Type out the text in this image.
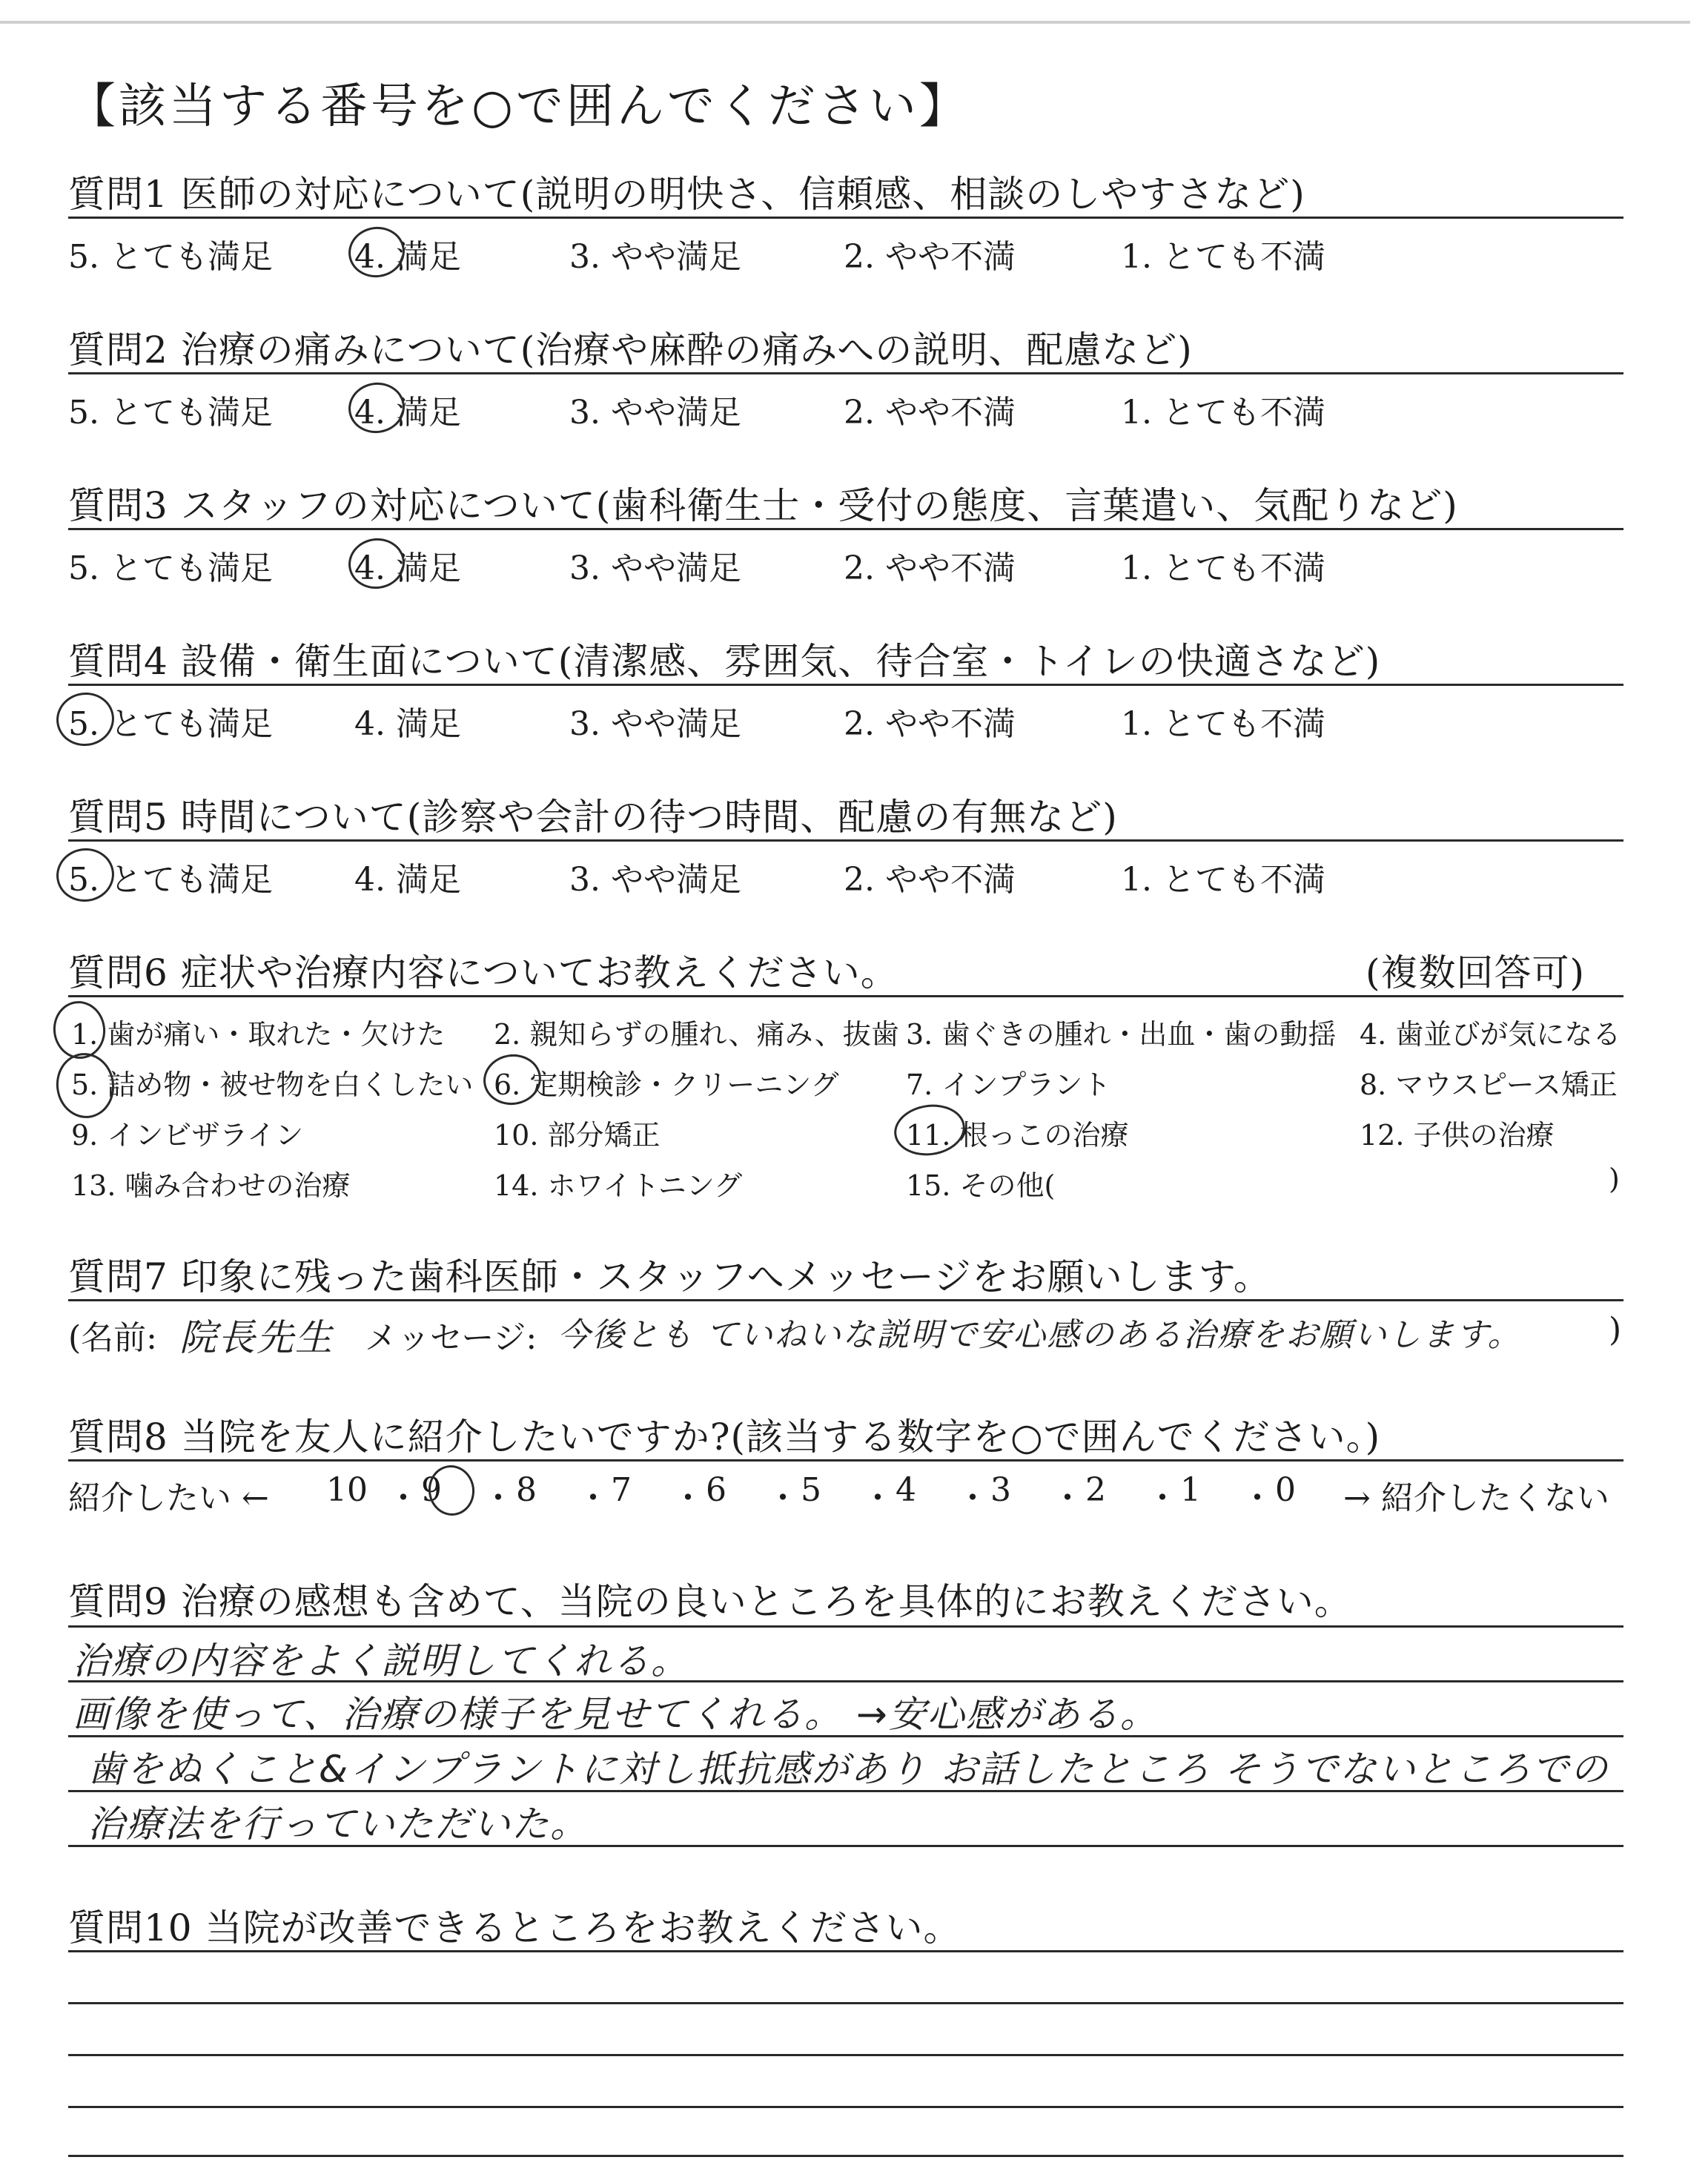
【該当する番号を○で囲んでください】
質問1 医師の対応について(説明の明快さ、信頼感、相談のしやすさなど)
5. とても満足	4. 満足	3. やや満足	2. やや不満	1. とても不満
質問2 治療の痛みについて(治療や麻酔の痛みへの説明、配慮など)
5. とても満足	4. 満足	3. やや満足	2. やや不満	1. とても不満
質問3 スタッフの対応について(歯科衛生士・受付の態度、言葉遣い、気配りなど)
5. とても満足	4. 満足	3. やや満足	2. やや不満	1. とても不満
質問4 設備・衛生面について(清潔感、雰囲気、待合室・トイレの快適さなど)
5. とても満足	4. 満足	3. やや満足	2. やや不満	1. とても不満
質問5 時間について(診察や会計の待つ時間、配慮の有無など)
5. とても満足	4. 満足	3. やや満足	2. やや不満	1. とても不満
質問6 症状や治療内容についてお教えください。	(複数回答可)
1. 歯が痛い・取れた・欠けた 2. 親知らずの腫れ、痛み、抜歯 3. 歯ぐきの腫れ・出血・歯の動揺 4. 歯並びが気になる
5. 詰め物・被せ物を白くしたい 6. 定期検診・クリーニング 7. インプラント	8. マウスピース矯正
9. インビザライン	10. 部分矯正	11. 根っこの治療	12. 子供の治療
13. 噛み合わせの治療	14. ホワイトニング	15. その他(	)
質問7 印象に残った歯科医師・スタッフへメッセージをお願いします。
(名前: 院長先生 メッセージ: 今後とも ていねいな説明で安心感のある治療をお願いします。	)
質問8 当院を友人に紹介したいですか?(該当する数字を○で囲んでください。)
紹介したい ← 10 ・ 9 ・ 8 ・ 7 ・ 6 ・ 5 ・ 4 ・ 3 ・ 2 ・ 1 ・ 0 → 紹介したくない
質問9 治療の感想も含めて、当院の良いところを具体的にお教えください。
治療の内容をよく説明してくれる。
画像を使って、治療の様子を見せてくれる。 →安心感がある。
歯をぬくこと&インプラントに対し抵抗感があり お話したところ そうでないところでの
治療法を行っていただいた。
質問10 当院が改善できるところをお教えください。
